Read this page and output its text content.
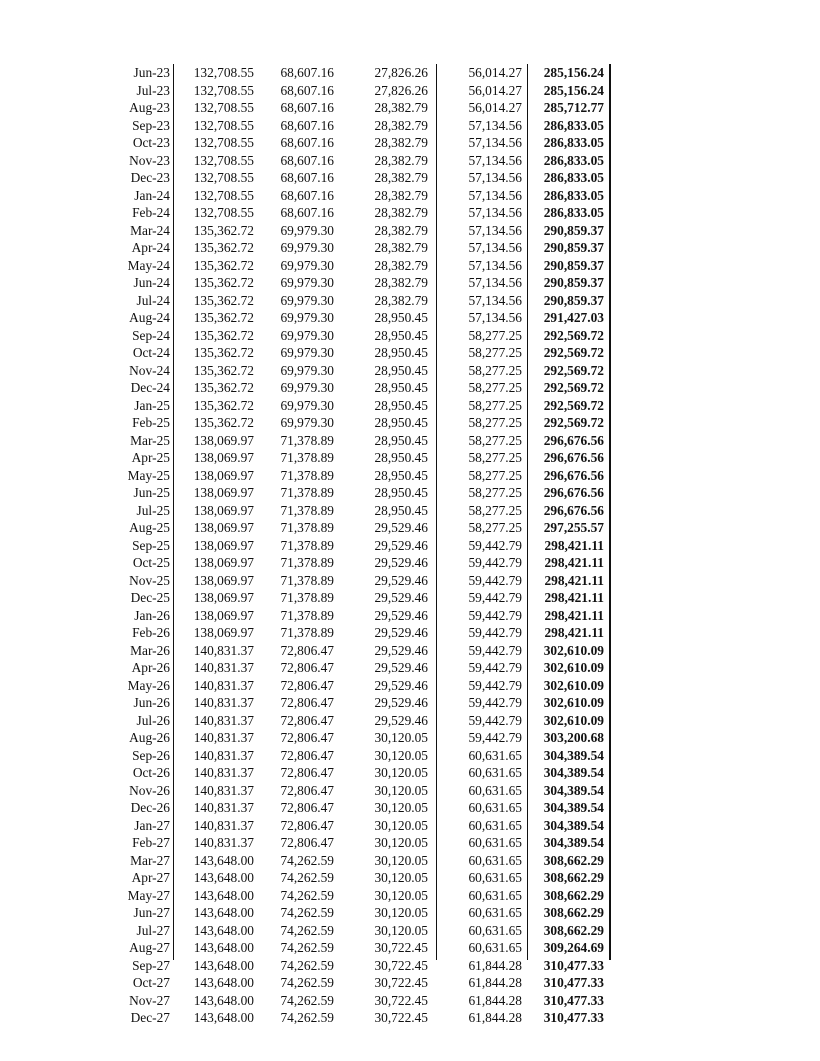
Jun-23	132,708.55	68,607.16	27,826.26	56,014.27	285,156.24
Jul-23	132,708.55	68,607.16	27,826.26	56,014.27	285,156.24
Aug-23	132,708.55	68,607.16	28,382.79	56,014.27	285,712.77
Sep-23	132,708.55	68,607.16	28,382.79	57,134.56	286,833.05
Oct-23	132,708.55	68,607.16	28,382.79	57,134.56	286,833.05
Nov-23	132,708.55	68,607.16	28,382.79	57,134.56	286,833.05
Dec-23	132,708.55	68,607.16	28,382.79	57,134.56	286,833.05
Jan-24	132,708.55	68,607.16	28,382.79	57,134.56	286,833.05
Feb-24	132,708.55	68,607.16	28,382.79	57,134.56	286,833.05
Mar-24	135,362.72	69,979.30	28,382.79	57,134.56	290,859.37
Apr-24	135,362.72	69,979.30	28,382.79	57,134.56	290,859.37
May-24	135,362.72	69,979.30	28,382.79	57,134.56	290,859.37
Jun-24	135,362.72	69,979.30	28,382.79	57,134.56	290,859.37
Jul-24	135,362.72	69,979.30	28,382.79	57,134.56	290,859.37
Aug-24	135,362.72	69,979.30	28,950.45	57,134.56	291,427.03
Sep-24	135,362.72	69,979.30	28,950.45	58,277.25	292,569.72
Oct-24	135,362.72	69,979.30	28,950.45	58,277.25	292,569.72
Nov-24	135,362.72	69,979.30	28,950.45	58,277.25	292,569.72
Dec-24	135,362.72	69,979.30	28,950.45	58,277.25	292,569.72
Jan-25	135,362.72	69,979.30	28,950.45	58,277.25	292,569.72
Feb-25	135,362.72	69,979.30	28,950.45	58,277.25	292,569.72
Mar-25	138,069.97	71,378.89	28,950.45	58,277.25	296,676.56
Apr-25	138,069.97	71,378.89	28,950.45	58,277.25	296,676.56
May-25	138,069.97	71,378.89	28,950.45	58,277.25	296,676.56
Jun-25	138,069.97	71,378.89	28,950.45	58,277.25	296,676.56
Jul-25	138,069.97	71,378.89	28,950.45	58,277.25	296,676.56
Aug-25	138,069.97	71,378.89	29,529.46	58,277.25	297,255.57
Sep-25	138,069.97	71,378.89	29,529.46	59,442.79	298,421.11
Oct-25	138,069.97	71,378.89	29,529.46	59,442.79	298,421.11
Nov-25	138,069.97	71,378.89	29,529.46	59,442.79	298,421.11
Dec-25	138,069.97	71,378.89	29,529.46	59,442.79	298,421.11
Jan-26	138,069.97	71,378.89	29,529.46	59,442.79	298,421.11
Feb-26	138,069.97	71,378.89	29,529.46	59,442.79	298,421.11
Mar-26	140,831.37	72,806.47	29,529.46	59,442.79	302,610.09
Apr-26	140,831.37	72,806.47	29,529.46	59,442.79	302,610.09
May-26	140,831.37	72,806.47	29,529.46	59,442.79	302,610.09
Jun-26	140,831.37	72,806.47	29,529.46	59,442.79	302,610.09
Jul-26	140,831.37	72,806.47	29,529.46	59,442.79	302,610.09
Aug-26	140,831.37	72,806.47	30,120.05	59,442.79	303,200.68
Sep-26	140,831.37	72,806.47	30,120.05	60,631.65	304,389.54
Oct-26	140,831.37	72,806.47	30,120.05	60,631.65	304,389.54
Nov-26	140,831.37	72,806.47	30,120.05	60,631.65	304,389.54
Dec-26	140,831.37	72,806.47	30,120.05	60,631.65	304,389.54
Jan-27	140,831.37	72,806.47	30,120.05	60,631.65	304,389.54
Feb-27	140,831.37	72,806.47	30,120.05	60,631.65	304,389.54
Mar-27	143,648.00	74,262.59	30,120.05	60,631.65	308,662.29
Apr-27	143,648.00	74,262.59	30,120.05	60,631.65	308,662.29
May-27	143,648.00	74,262.59	30,120.05	60,631.65	308,662.29
Jun-27	143,648.00	74,262.59	30,120.05	60,631.65	308,662.29
Jul-27	143,648.00	74,262.59	30,120.05	60,631.65	308,662.29
Aug-27	143,648.00	74,262.59	30,722.45	60,631.65	309,264.69
Sep-27	143,648.00	74,262.59	30,722.45	61,844.28	310,477.33
Oct-27	143,648.00	74,262.59	30,722.45	61,844.28	310,477.33
Nov-27	143,648.00	74,262.59	30,722.45	61,844.28	310,477.33
Dec-27	143,648.00	74,262.59	30,722.45	61,844.28	310,477.33
